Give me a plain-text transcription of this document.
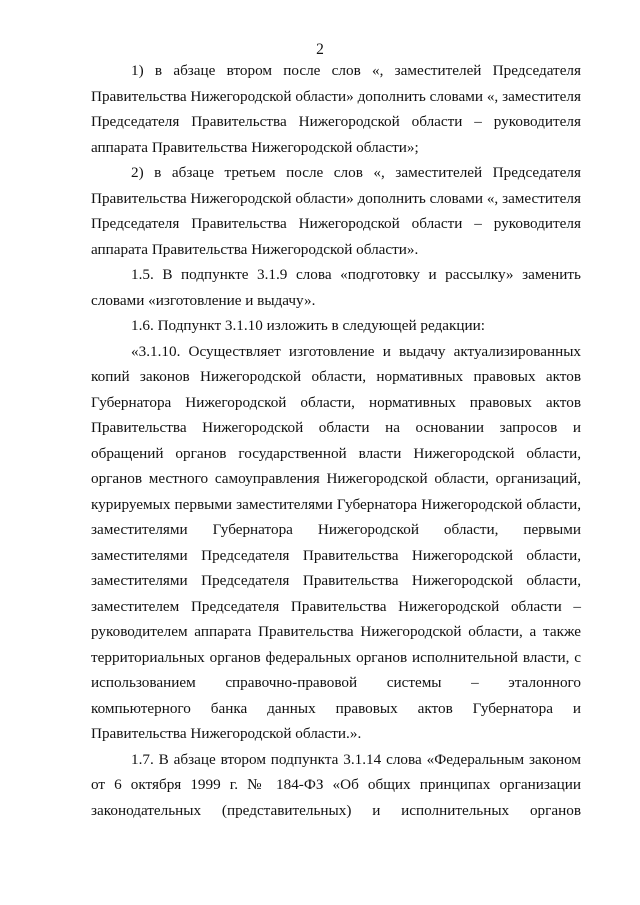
2

1) в абзаце втором после слов «, заместителей Председателя Правительства Нижегородской области» дополнить словами «, заместителя Председателя Правительства Нижегородской области – руководителя аппарата Правительства Нижегородской области»;

2) в абзаце третьем после слов «, заместителей Председателя Правительства Нижегородской области» дополнить словами «, заместителя Председателя Правительства Нижегородской области – руководителя аппарата Правительства Нижегородской области».

1.5. В подпункте 3.1.9 слова «подготовку и рассылку» заменить словами «изготовление и выдачу».

1.6. Подпункт 3.1.10 изложить в следующей редакции:

«3.1.10. Осуществляет изготовление и выдачу актуализированных копий законов Нижегородской области, нормативных правовых актов Губернатора Нижегородской области, нормативных правовых актов Правительства Нижегородской области на основании запросов и обращений органов государственной власти Нижегородской области, органов местного самоуправления Нижегородской области, организаций, курируемых первыми заместителями Губернатора Нижегородской области, заместителями Губернатора Нижегородской области, первыми заместителями Председателя Правительства Нижегородской области, заместителями Председателя Правительства Нижегородской области, заместителем Председателя Правительства Нижегородской области – руководителем аппарата Правительства Нижегородской области, а также территориальных органов федеральных органов исполнительной власти, с использованием справочно-правовой системы – эталонного компьютерного банка данных правовых актов Губернатора и Правительства Нижегородской области.».

1.7. В абзаце втором подпункта 3.1.14 слова «Федеральным законом от 6 октября 1999 г. № 184-ФЗ «Об общих принципах организации законодательных (представительных) и исполнительных органов
